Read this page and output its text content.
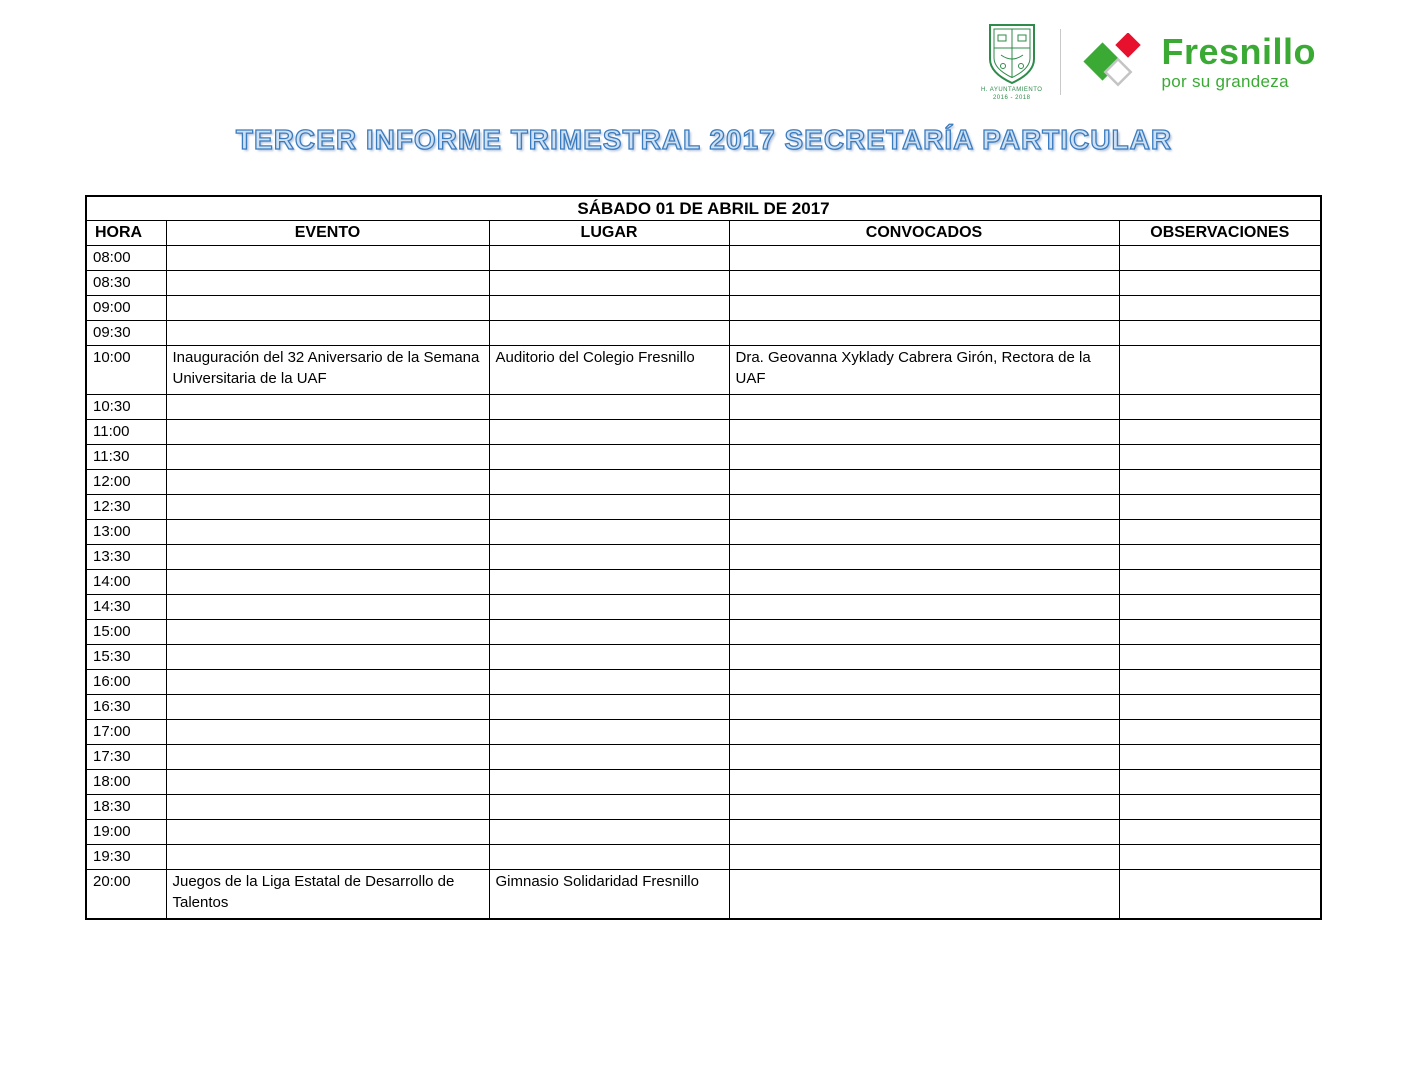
H. AYUNTAMIENTO
2016 - 2018
Fresnillo
por su grandeza
TERCER INFORME TRIMESTRAL 2017 SECRETARÍA PARTICULAR
SÁBADO 01 DE ABRIL DE 2017				
HORA	EVENTO	LUGAR	CONVOCADOS	OBSERVACIONES
08:00				
08:30				
09:00				
09:30				
10:00	Inauguración del 32 Aniversario de la Semana Universitaria de la UAF	Auditorio del Colegio Fresnillo	Dra. Geovanna Xyklady Cabrera Girón, Rectora de la UAF	
10:30				
11:00				
11:30				
12:00				
12:30				
13:00				
13:30				
14:00				
14:30				
15:00				
15:30				
16:00				
16:30				
17:00				
17:30				
18:00				
18:30				
19:00				
19:30				
20:00	Juegos de la Liga Estatal de Desarrollo de Talentos	Gimnasio Solidaridad Fresnillo		
